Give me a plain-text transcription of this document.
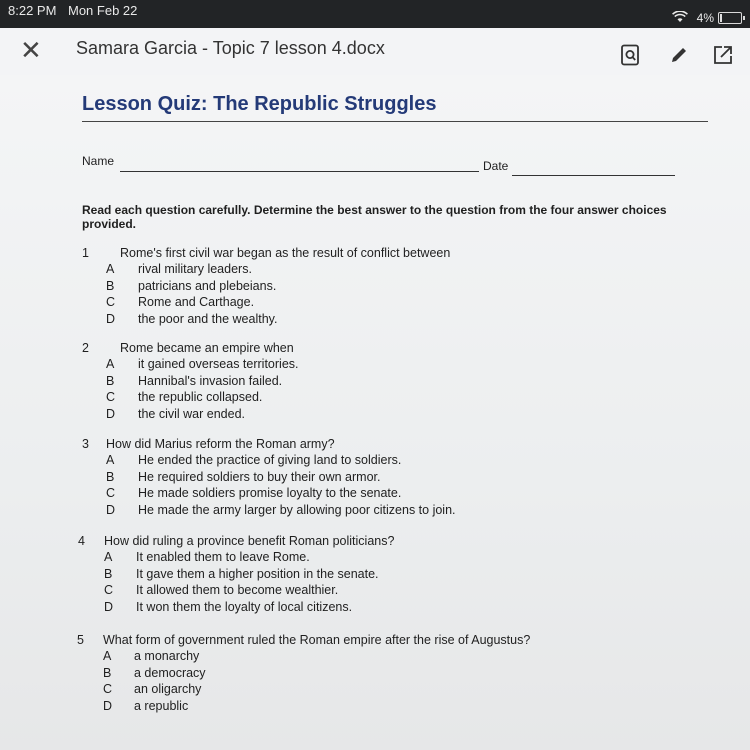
8:22 PM Mon Feb 22	4%
✕ Samara Garcia - Topic 7 lesson 4.docx
Lesson Quiz: The Republic Struggles
Name	Date
Read each question carefully. Determine the best answer to the question from the four answer choices provided.
1	Rome's first civil war began as the result of conflict between
A rival military leaders.
B patricians and plebeians.
C Rome and Carthage.
D the poor and the wealthy.
2	Rome became an empire when
A it gained overseas territories.
B Hannibal's invasion failed.
C the republic collapsed.
D the civil war ended.
3	How did Marius reform the Roman army?
A He ended the practice of giving land to soldiers.
B He required soldiers to buy their own armor.
C He made soldiers promise loyalty to the senate.
D He made the army larger by allowing poor citizens to join.
4	How did ruling a province benefit Roman politicians?
A It enabled them to leave Rome.
B It gave them a higher position in the senate.
C It allowed them to become wealthier.
D It won them the loyalty of local citizens.
5	What form of government ruled the Roman empire after the rise of Augustus?
A a monarchy
B a democracy
C an oligarchy
D a republic
